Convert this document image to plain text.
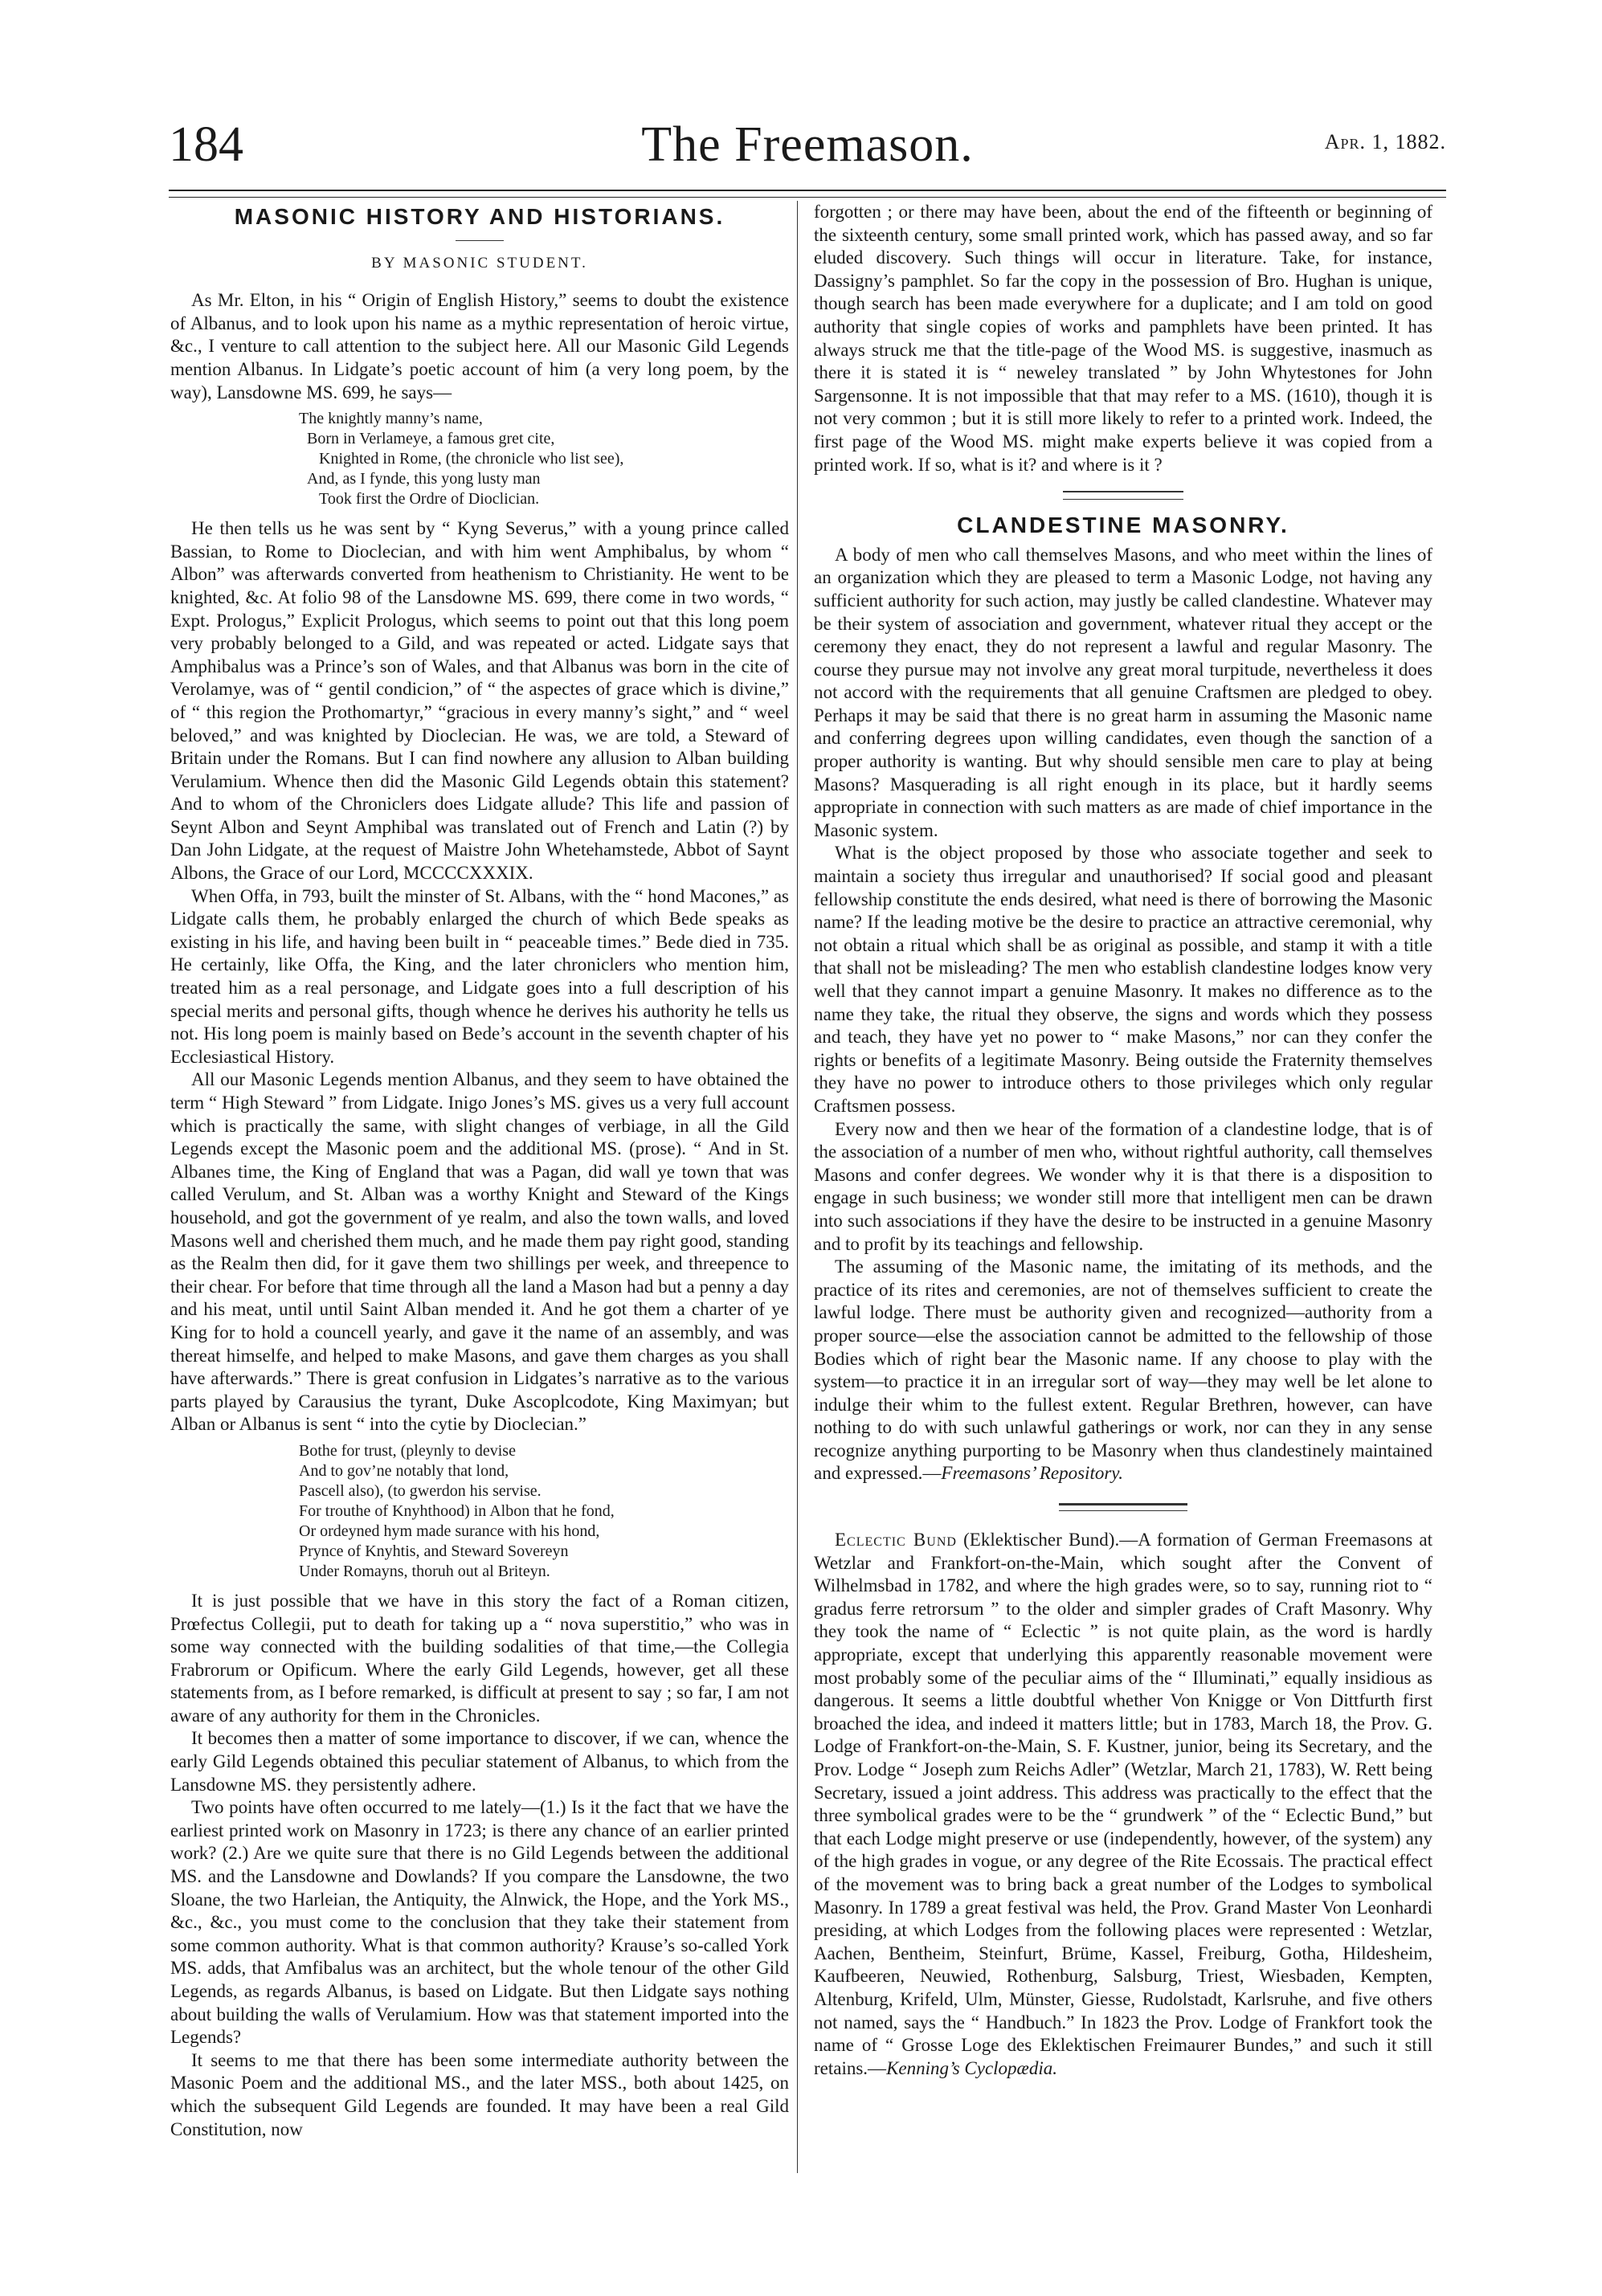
184	The Freemason.	Apr. 1, 1882.
MASONIC HISTORY AND HISTORIANS.
BY MASONIC STUDENT.

As Mr. Elton, in his “ Origin of English History,” seems to doubt the existence of Albanus, and to look upon his name as a mythic representation of heroic virtue, &c., I venture to call attention to the subject here. All our Masonic Gild Legends mention Albanus. In Lidgate’s poetic account of him (a very long poem, by the way), Lansdowne MS. 699, he says—

The knightly manny’s name,
Born in Verlameye, a famous gret cite,
Knighted in Rome, (the chronicle who list see),
And, as I fynde, this yong lusty man
Took first the Ordre of Dioclician.

He then tells us he was sent by “ Kyng Severus,” with a young prince called Bassian, to Rome to Dioclecian, and with him went Amphibalus, by whom “ Albon” was afterwards converted from heathenism to Christianity. He went to be knighted, &c. At folio 98 of the Lansdowne MS. 699, there come in two words, “ Expt. Prologus,” Explicit Prologus, which seems to point out that this long poem very probably belonged to a Gild, and was repeated or acted. Lidgate says that Amphibalus was a Prince’s son of Wales, and that Albanus was born in the cite of Verolamye, was of “ gentil condicion,” of “ the aspectes of grace which is divine,” of “ this region the Prothomartyr,” “gracious in every manny’s sight,” and “ weel beloved,” and was knighted by Dioclecian. He was, we are told, a Steward of Britain under the Romans. But I can find nowhere any allusion to Alban building Verulamium. Whence then did the Masonic Gild Legends obtain this statement? And to whom of the Chroniclers does Lidgate allude? This life and passion of Seynt Albon and Seynt Amphibal was translated out of French and Latin (?) by Dan John Lidgate, at the request of Maistre John Whetehamstede, Abbot of Saynt Albons, the Grace of our Lord, MCCCCXXXIX.

When Offa, in 793, built the minster of St. Albans, with the “ hond Macones,” as Lidgate calls them, he probably enlarged the church of which Bede speaks as existing in his life, and having been built in “ peaceable times.” Bede died in 735. He certainly, like Offa, the King, and the later chroniclers who mention him, treated him as a real personage, and Lidgate goes into a full description of his special merits and personal gifts, though whence he derives his authority he tells us not. His long poem is mainly based on Bede’s account in the seventh chapter of his Ecclesiastical History.

All our Masonic Legends mention Albanus, and they seem to have obtained the term “ High Steward ” from Lidgate. Inigo Jones’s MS. gives us a very full account which is practically the same, with slight changes of verbiage, in all the Gild Legends except the Masonic poem and the additional MS. (prose). “ And in St. Albanes time, the King of England that was a Pagan, did wall ye town that was called Verulum, and St. Alban was a worthy Knight and Steward of the Kings household, and got the government of ye realm, and also the town walls, and loved Masons well and cherished them much, and he made them pay right good, standing as the Realm then did, for it gave them two shillings per week, and threepence to their chear. For before that time through all the land a Mason had but a penny a day and his meat, until until Saint Alban mended it. And he got them a charter of ye King for to hold a councell yearly, and gave it the name of an assembly, and was thereat himselfe, and helped to make Masons, and gave them charges as you shall have afterwards.” There is great confusion in Lidgates’s narrative as to the various parts played by Carausius the tyrant, Duke Ascoplcodote, King Maximyan; but Alban or Albanus is sent “ into the cytie by Dioclecian.”

Bothe for trust, (pleynly to devise
And to gov’ne notably that lond,
Pascell also), (to gwerdon his servise.
For trouthe of Knyhthood) in Albon that he fond,
Or ordeyned hym made surance with his hond,
Prynce of Knyhtis, and Steward Sovereyn
Under Romayns, thoruh out al Briteyn.

It is just possible that we have in this story the fact of a Roman citizen, Prœfectus Collegii, put to death for taking up a “ nova superstitio,” who was in some way connected with the building sodalities of that time,—the Collegia Frabrorum or Opificum. Where the early Gild Legends, however, get all these statements from, as I before remarked, is difficult at present to say ; so far, I am not aware of any authority for them in the Chronicles.

It becomes then a matter of some importance to discover, if we can, whence the early Gild Legends obtained this peculiar statement of Albanus, to which from the Lansdowne MS. they persistently adhere.

Two points have often occurred to me lately—(1.) Is it the fact that we have the earliest printed work on Masonry in 1723; is there any chance of an earlier printed work? (2.) Are we quite sure that there is no Gild Legends between the additional MS. and the Lansdowne and Dowlands? If you compare the Lansdowne, the two Sloane, the two Harleian, the Antiquity, the Alnwick, the Hope, and the York MS., &c., &c., you must come to the conclusion that they take their statement from some common authority. What is that common authority? Krause’s so-called York MS. adds, that Amfibalus was an architect, but the whole tenour of the other Gild Legends, as regards Albanus, is based on Lidgate. But then Lidgate says nothing about building the walls of Verulamium. How was that statement imported into the Legends?

It seems to me that there has been some intermediate authority between the Masonic Poem and the additional MS., and the later MSS., both about 1425, on which the subsequent Gild Legends are founded. It may have been a real Gild Constitution, now

forgotten ; or there may have been, about the end of the fifteenth or beginning of the sixteenth century, some small printed work, which has passed away, and so far eluded discovery. Such things will occur in literature. Take, for instance, Dassigny’s pamphlet. So far the copy in the possession of Bro. Hughan is unique, though search has been made everywhere for a duplicate; and I am told on good authority that single copies of works and pamphlets have been printed. It has always struck me that the title-page of the Wood MS. is suggestive, inasmuch as there it is stated it is “ neweley translated ” by John Whytestones for John Sargensonne. It is not impossible that that may refer to a MS. (1610), though it is not very common ; but it is still more likely to refer to a printed work. Indeed, the first page of the Wood MS. might make experts believe it was copied from a printed work. If so, what is it? and where is it ?

CLANDESTINE MASONRY.

A body of men who call themselves Masons, and who meet within the lines of an organization which they are pleased to term a Masonic Lodge, not having any sufficient authority for such action, may justly be called clandestine. Whatever may be their system of association and government, whatever ritual they accept or the ceremony they enact, they do not represent a lawful and regular Masonry. The course they pursue may not involve any great moral turpitude, nevertheless it does not accord with the requirements that all genuine Craftsmen are pledged to obey. Perhaps it may be said that there is no great harm in assuming the Masonic name and conferring degrees upon willing candidates, even though the sanction of a proper authority is wanting. But why should sensible men care to play at being Masons? Masquerading is all right enough in its place, but it hardly seems appropriate in connection with such matters as are made of chief importance in the Masonic system.

What is the object proposed by those who associate together and seek to maintain a society thus irregular and unauthorised? If social good and pleasant fellowship constitute the ends desired, what need is there of borrowing the Masonic name? If the leading motive be the desire to practice an attractive ceremonial, why not obtain a ritual which shall be as original as possible, and stamp it with a title that shall not be misleading? The men who establish clandestine lodges know very well that they cannot impart a genuine Masonry. It makes no difference as to the name they take, the ritual they observe, the signs and words which they possess and teach, they have yet no power to “ make Masons,” nor can they confer the rights or benefits of a legitimate Masonry. Being outside the Fraternity themselves they have no power to introduce others to those privileges which only regular Craftsmen possess.

Every now and then we hear of the formation of a clandestine lodge, that is of the association of a number of men who, without rightful authority, call themselves Masons and confer degrees. We wonder why it is that there is a disposition to engage in such business; we wonder still more that intelligent men can be drawn into such associations if they have the desire to be instructed in a genuine Masonry and to profit by its teachings and fellowship.

The assuming of the Masonic name, the imitating of its methods, and the practice of its rites and ceremonies, are not of themselves sufficient to create the lawful lodge. There must be authority given and recognized—authority from a proper source—else the association cannot be admitted to the fellowship of those Bodies which of right bear the Masonic name. If any choose to play with the system—to practice it in an irregular sort of way—they may well be let alone to indulge their whim to the fullest extent. Regular Brethren, however, can have nothing to do with such unlawful gatherings or work, nor can they in any sense recognize anything purporting to be Masonry when thus clandestinely maintained and expressed.—Freemasons’ Repository.

Eclectic Bund (Eklektischer Bund).—A formation of German Freemasons at Wetzlar and Frankfort-on-the-Main, which sought after the Convent of Wilhelmsbad in 1782, and where the high grades were, so to say, running riot to “ gradus ferre retrorsum ” to the older and simpler grades of Craft Masonry. Why they took the name of “ Eclectic ” is not quite plain, as the word is hardly appropriate, except that underlying this apparently reasonable movement were most probably some of the peculiar aims of the “ Illuminati,” equally insidious as dangerous. It seems a little doubtful whether Von Knigge or Von Dittfurth first broached the idea, and indeed it matters little; but in 1783, March 18, the Prov. G. Lodge of Frankfort-on-the-Main, S. F. Kustner, junior, being its Secretary, and the Prov. Lodge “ Joseph zum Reichs Adler” (Wetzlar, March 21, 1783), W. Rett being Secretary, issued a joint address. This address was practically to the effect that the three symbolical grades were to be the “ grundwerk ” of the “ Eclectic Bund,” but that each Lodge might preserve or use (independently, however, of the system) any of the high grades in vogue, or any degree of the Rite Ecossais. The practical effect of the movement was to bring back a great number of the Lodges to symbolical Masonry. In 1789 a great festival was held, the Prov. Grand Master Von Leonhardi presiding, at which Lodges from the following places were represented : Wetzlar, Aachen, Bentheim, Steinfurt, Brüme, Kassel, Freiburg, Gotha, Hildesheim, Kaufbeeren, Neuwied, Rothenburg, Salsburg, Triest, Wiesbaden, Kempten, Altenburg, Krifeld, Ulm, Münster, Giesse, Rudolstadt, Karlsruhe, and five others not named, says the “ Handbuch.” In 1823 the Prov. Lodge of Frankfort took the name of “ Grosse Loge des Eklektischen Freimaurer Bundes,” and such it still retains.—Kenning’s Cyclopædia.
